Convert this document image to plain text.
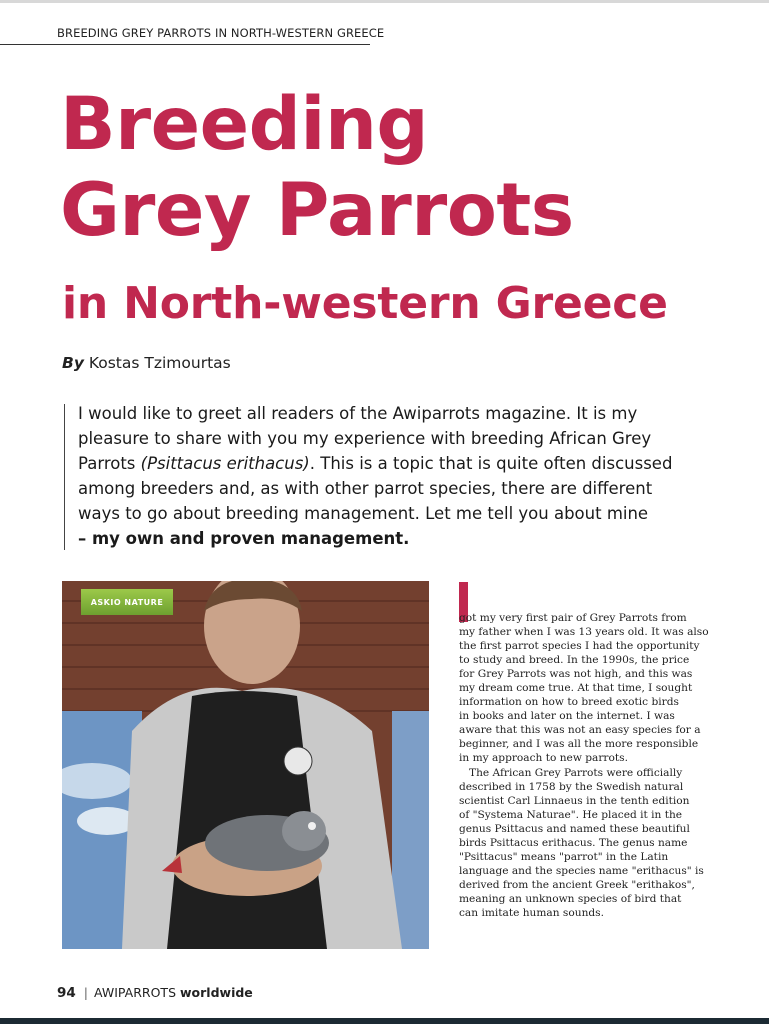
BREEDING GREY PARROTS IN NORTH-WESTERN GREECE
Breeding
Grey Parrots
in North-western Greece
By Kostas Tzimourtas
I would like to greet all readers of the Awiparrots magazine. It is my
pleasure to share with you my experience with breeding African Grey
Parrots (Psittacus erithacus). This is a topic that is quite often discussed
among breeders and, as with other parrot species, there are different
ways to go about breeding management. Let me tell you about mine
– my own and proven management.
ASKIO NATURE
got my very first pair of Grey Parrots from
my father when I was 13 years old. It was also
the first parrot species I had the opportunity
to study and breed. In the 1990s, the price
for Grey Parrots was not high, and this was
my dream come true. At that time, I sought
information on how to breed exotic birds
in books and later on the internet. I was
aware that this was not an easy species for a
beginner, and I was all the more responsible
in my approach to new parrots.
The African Grey Parrots were officially
described in 1758 by the Swedish natural
scientist Carl Linnaeus in the tenth edition
of "Systema Naturae". He placed it in the
genus Psittacus and named these beautiful
birds Psittacus erithacus. The genus name
"Psittacus" means "parrot" in the Latin
language and the species name "erithacus" is
derived from the ancient Greek "erithakos",
meaning an unknown species of bird that
can imitate human sounds.
94 | AWIPARROTS worldwide
